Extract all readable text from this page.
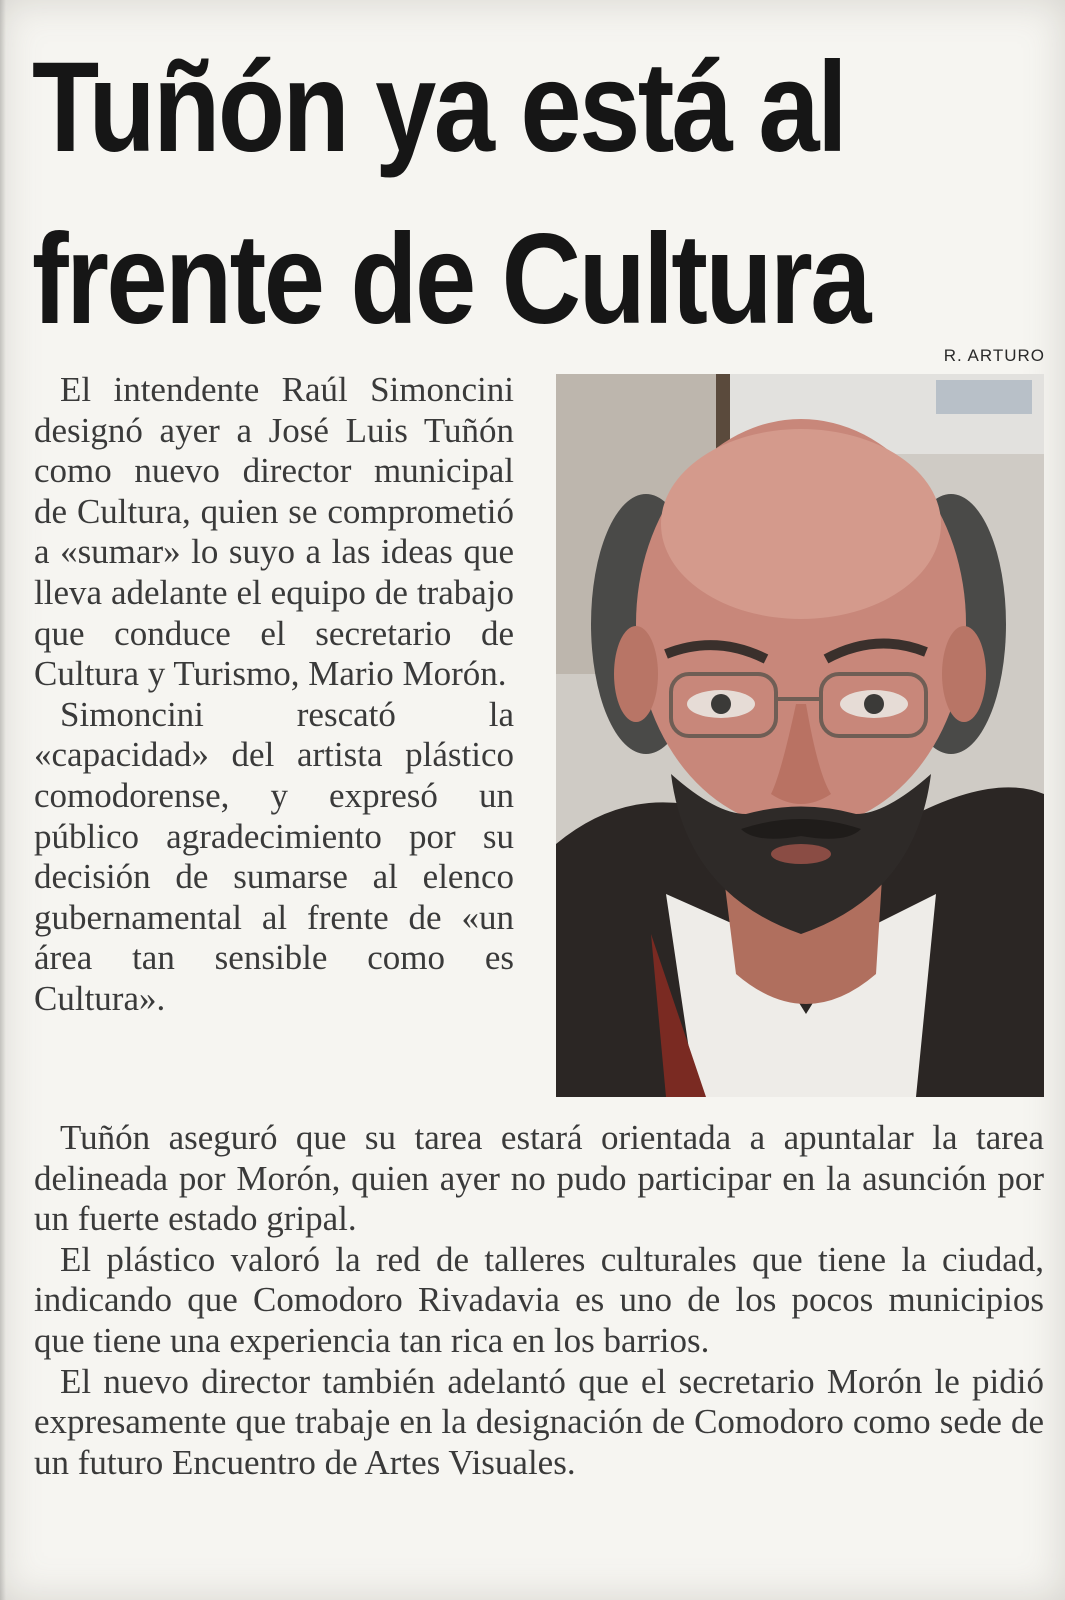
Tuñón ya está al
frente de Cultura
R. ARTURO

El intendente Raúl Simoncini designó ayer a José Luis Tuñón como nuevo director municipal de Cultura, quien se comprometió a «sumar» lo suyo a las ideas que lleva adelante el equipo de trabajo que conduce el secretario de Cultura y Turismo, Mario Morón.

Simoncini rescató la «capacidad» del artista plástico comodorense, y expresó un público agradecimiento por su decisión de sumarse al elenco gubernamental al frente de «un área tan sensible como es Cultura».

Tuñón aseguró que su tarea estará orientada a apuntalar la tarea delineada por Morón, quien ayer no pudo participar en la asunción por un fuerte estado gripal.

El plástico valoró la red de talleres culturales que tiene la ciudad, indicando que Comodoro Rivadavia es uno de los pocos municipios que tiene una experiencia tan rica en los barrios.

El nuevo director también adelantó que el secretario Morón le pidió expresamente que trabaje en la designación de Comodoro como sede de un futuro Encuentro de Artes Visuales.
